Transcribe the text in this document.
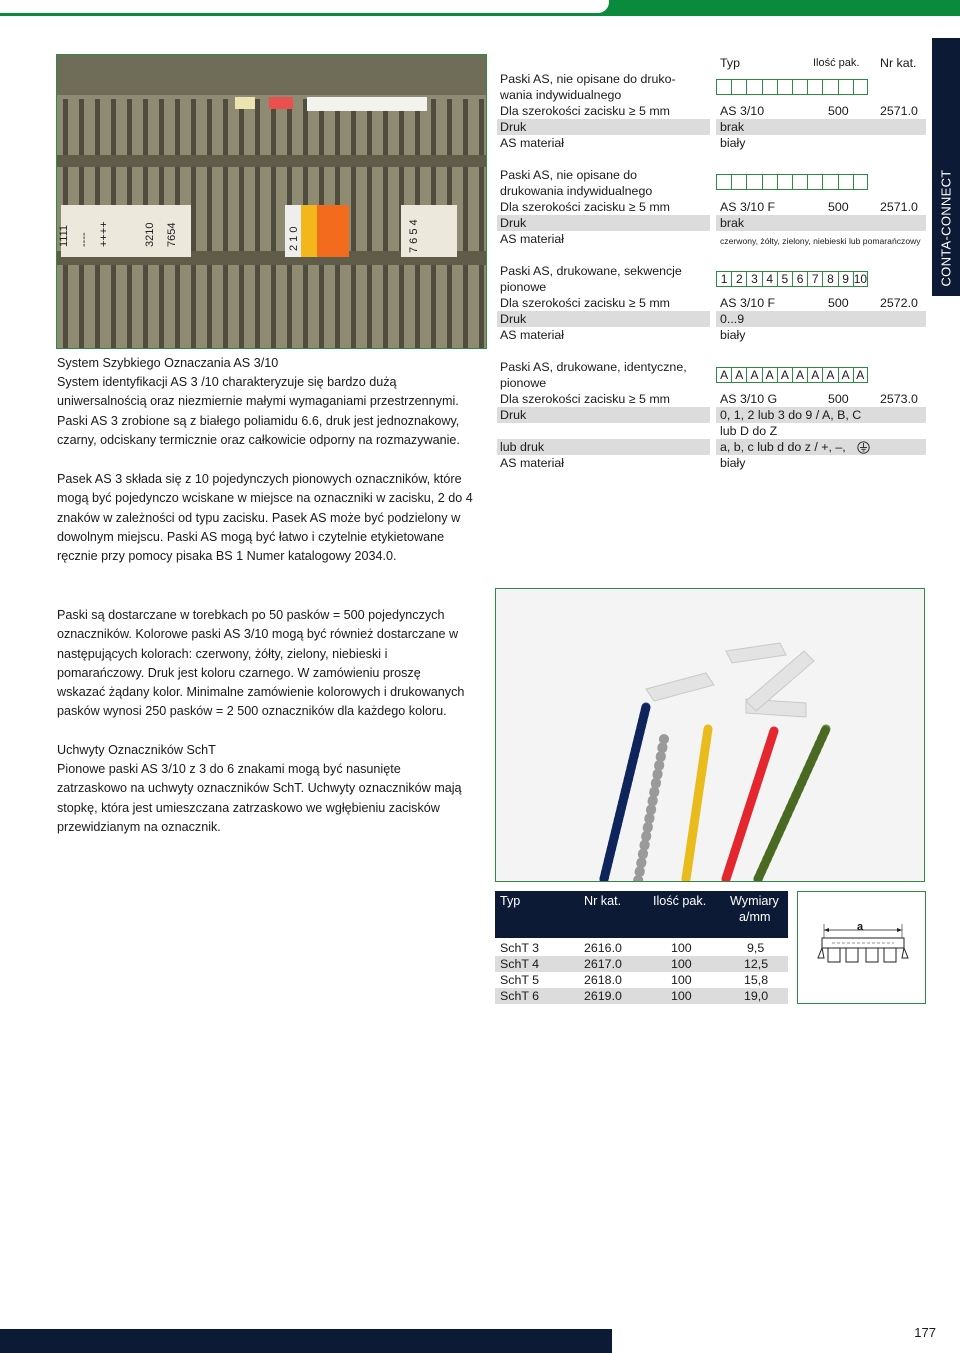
CONTA-CONNECT
1111 ---- ++++	3210 7654	2 1 0	7 6 5 4
System Szybkiego Oznaczania AS 3/10
System identyfikacji AS 3 /10 charakteryzuje się bardzo dużą uniwersalnością oraz niezmiernie małymi wymaganiami przestrzennymi. Paski AS 3 zrobione są z białego poliamidu 6.6, druk jest jednoznakowy, czarny, odciskany termicznie oraz całkowicie odporny na rozmazywanie.
Pasek AS 3 składa się z 10 pojedynczych pionowych oznaczników, które mogą być pojedynczo wciskane w miejsce na oznaczniki w zacisku, 2 do 4 znaków w zależności od typu zacisku. Pasek AS może być podzielony w dowolnym miejscu. Paski AS mogą być łatwo i czytelnie etykietowane ręcznie przy pomocy pisaka BS 1 Numer katalogowy 2034.0.
Paski są dostarczane w torebkach po 50 pasków = 500 pojedynczych oznaczników. Kolorowe paski AS 3/10 mogą być również dostarczane w następujących kolorach: czerwony, żółty, zielony, niebieski i pomarańczowy. Druk jest koloru czarnego. W zamówieniu proszę wskazać żądany kolor. Minimalne zamówienie kolorowych i drukowanych pasków wynosi 250 pasków = 2 500 oznaczników dla każdego koloru.
Uchwyty Oznaczników SchT
Pionowe paski AS 3/10 z 3 do 6 znakami mogą być nasunięte zatrzaskowo na uchwyty oznaczników SchT. Uchwyty oznaczników mają stopkę, która jest umieszczana zatrzaskowo we wgłębieniu zacisków przewidzianym na oznacznik.
Typ	Ilość pak. Nr kat.
Paski AS, nie opisane do druko-
wania indywidualnego
Dla szerokości zacisku ≥ 5 mm	AS 3/10	500	2571.0
Druk	brak
AS materiał	biały
Paski AS, nie opisane do
drukowania indywidualnego
Dla szerokości zacisku ≥ 5 mm	AS 3/10 F	500	2571.0
Druk	brak
AS materiał	czerwony, żółty, zielony, niebieski lub pomarańczowy
Paski AS, drukowane, sekwencje
pionowe
1 2 3 4 5 6 7 8 9 10
Dla szerokości zacisku ≥ 5 mm	AS 3/10 F	500	2572.0
Druk	0...9
AS materiał	biały
Paski AS, drukowane, identyczne,
pionowe
A A A A A A A A A A
Dla szerokości zacisku ≥ 5 mm	AS 3/10 G	500	2573.0
Druk	0, 1, 2 lub 3 do 9 / A, B, C
lub D do Z
lub druk	a, b, c lub d do z / +, –,
AS materiał	biały
Typ	Nr kat.	Ilość pak. Wymiary
a/mm
SchT 3	2616.0	100	9,5
SchT 4	2617.0	100	12,5
SchT 5	2618.0	100	15,8
SchT 6	2619.0	100	19,0
a
177
